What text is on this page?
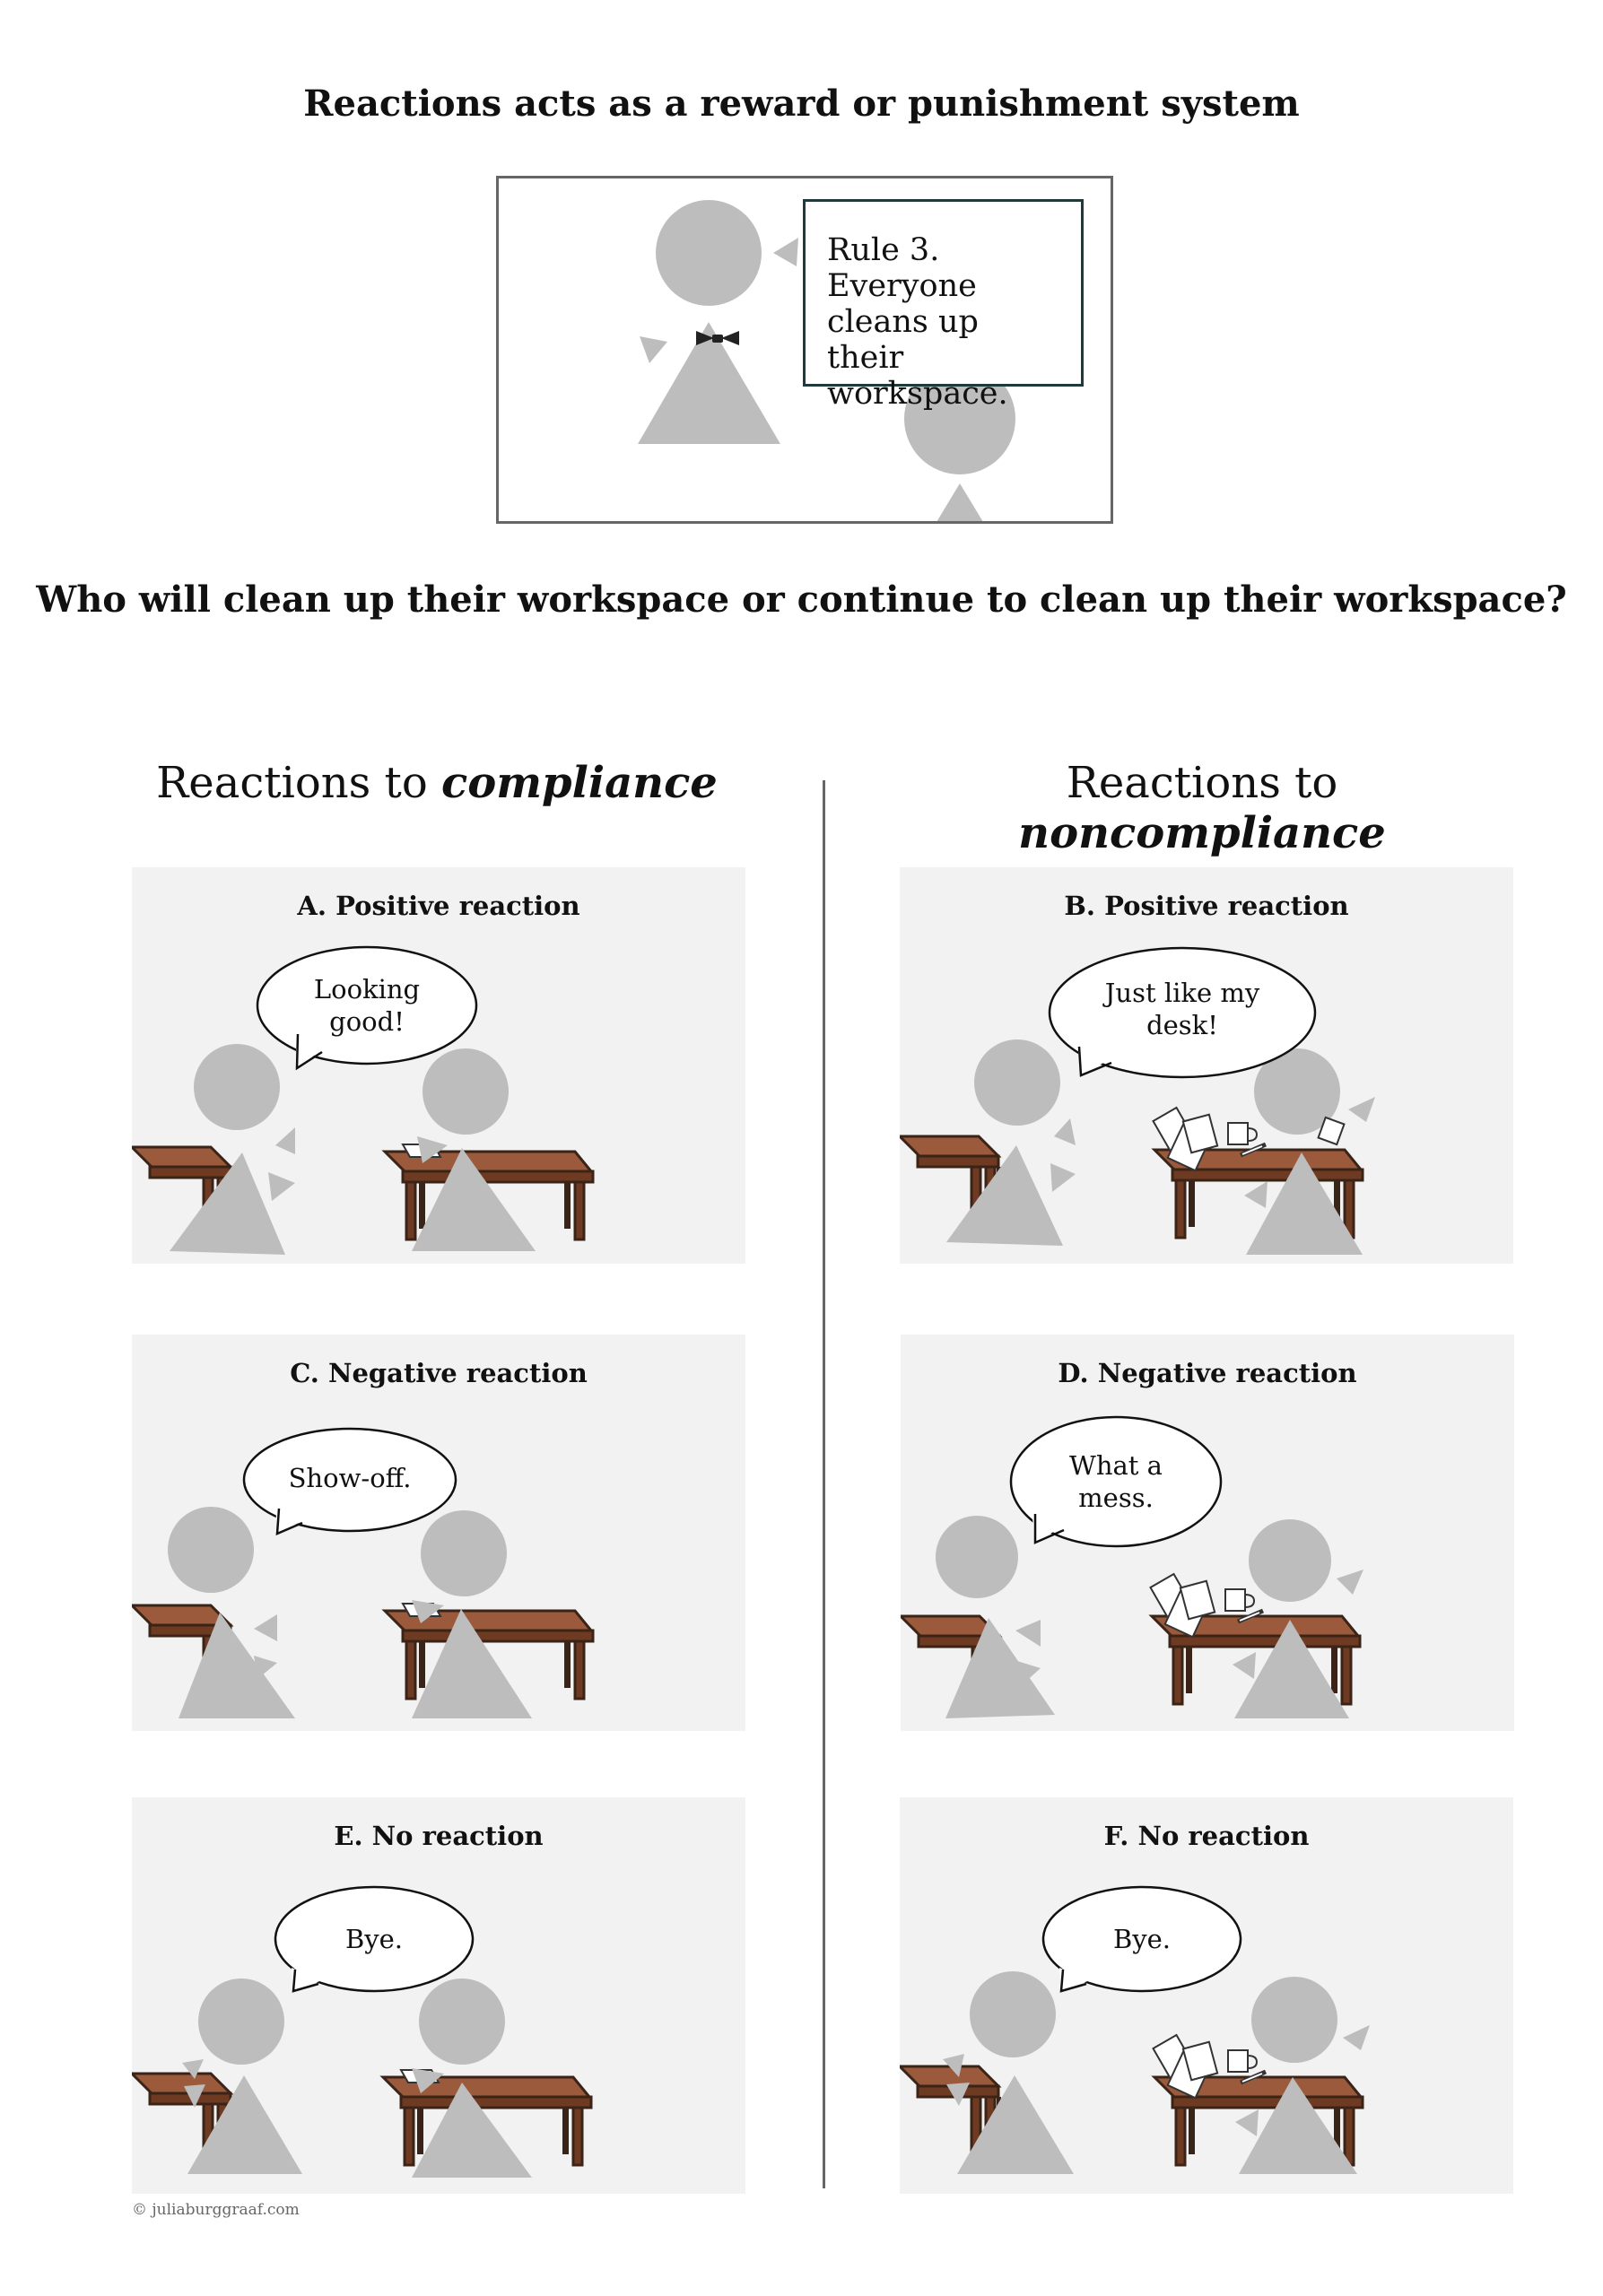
Reactions acts as a reward or punishment system
Rule 3. Everyone cleans up their workspace.
Who will clean up their workspace or continue to clean up their workspace?
Reactions to compliance	Reactions to noncompliance
A. Positive reaction
Looking
good!
B. Positive reaction
Just like my
desk!
C. Negative reaction
Show-off.
D. Negative reaction
What a
mess.
E. No reaction
Bye.
F. No reaction
Bye.
© juliaburggraaf.com
